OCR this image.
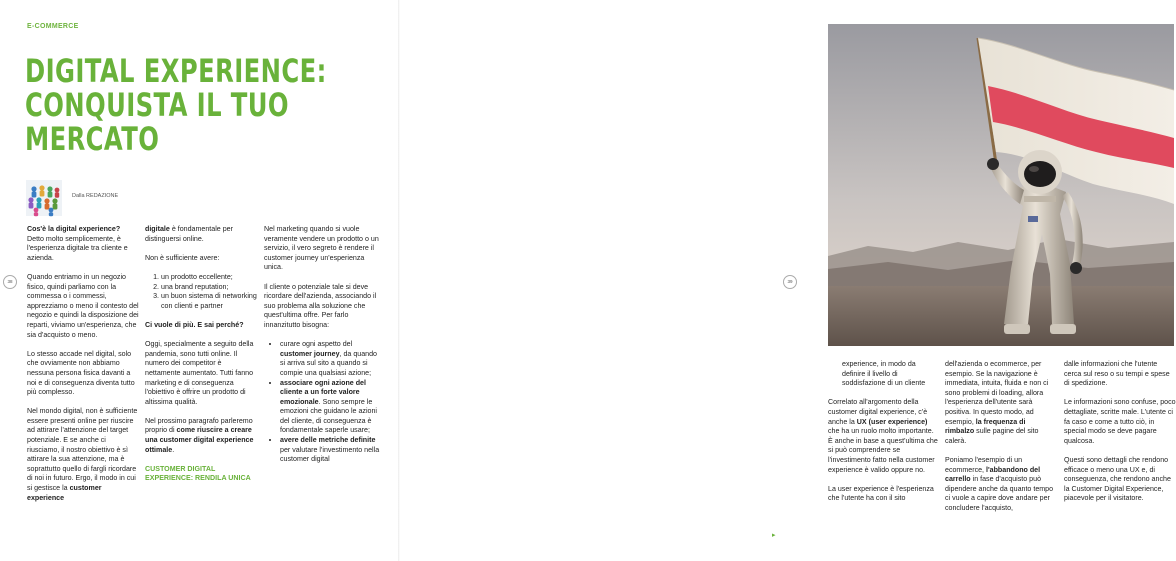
E-COMMERCE
DIGITAL EXPERIENCE:
CONQUISTA IL TUO
MERCATO
Dalla REDAZIONE

Cos'è la digital experience? Detto molto semplicemente, è l'esperienza digitale tra cliente e azienda.

Quando entriamo in un negozio fisico, quindi parliamo con la commessa o i commessi, apprezziamo o meno il contesto del negozio e quindi la disposizione dei reparti, viviamo un'esperienza, che sia d'acquisto o meno.

Lo stesso accade nel digital, solo che ovviamente non abbiamo nessuna persona fisica davanti a noi e di conseguenza diventa tutto più complesso.

Nel mondo digital, non è sufficiente essere presenti online per riuscire ad attirare l'attenzione del target potenziale. E se anche ci riusciamo, il nostro obiettivo è sì attirare la sua attenzione, ma è soprattutto quello di fargli ricordare di noi in futuro. Ergo, il modo in cui si gestisce la customer experience

digitale è fondamentale per distinguersi online.

Non è sufficiente avere:

1. un prodotto eccellente;
2. una brand reputation;
3. un buon sistema di networking con clienti e partner

Ci vuole di più. E sai perché?

Oggi, specialmente a seguito della pandemia, sono tutti online. Il numero dei competitor è nettamente aumentato. Tutti fanno marketing e di conseguenza l'obiettivo è offrire un prodotto di altissima qualità.

Nel prossimo paragrafo parleremo proprio di come riuscire a creare una customer digital experience ottimale.

CUSTOMER DIGITAL EXPERIENCE: RENDILA UNICA

Nel marketing quando si vuole veramente vendere un prodotto o un servizio, il vero segreto è rendere il customer journey un'esperienza unica.

Il cliente o potenziale tale si deve ricordare dell'azienda, associando il suo problema alla soluzione che quest'ultima offre. Per farlo innanzitutto bisogna:

• curare ogni aspetto del customer journey, da quando si arriva sul sito a quando si compie una qualsiasi azione;
• associare ogni azione del cliente a un forte valore emozionale. Sono sempre le emozioni che guidano le azioni del cliente, di conseguenza è fondamentale saperle usare;
• avere delle metriche definite per valutare l'investimento nella customer digital
38

experience, in modo da definire il livello di soddisfazione di un cliente

Correlato all'argomento della customer digital experience, c'è anche la UX (user experience) che ha un ruolo molto importante. È anche in base a quest'ultima che si può comprendere se l'investimento fatto nella customer experience è valido oppure no.

La user experience è l'esperienza che l'utente ha con il sito

dell'azienda o ecommerce, per esempio. Se la navigazione è immediata, intuita, fluida e non ci sono problemi di loading, allora l'esperienza dell'utente sarà positiva. In questo modo, ad esempio, la frequenza di rimbalzo sulle pagine del sito calerà.

Poniamo l'esempio di un ecommerce, l'abbandono del carrello in fase d'acquisto può dipendere anche da quanto tempo ci vuole a capire dove andare per concludere l'acquisto,

dalle informazioni che l'utente cerca sul reso o su tempi e spese di spedizione.

Le informazioni sono confuse, poco dettagliate, scritte male. L'utente ci fa caso e come a tutto ciò, in special modo se deve pagare qualcosa.

Questi sono dettagli che rendono efficace o meno una UX e, di conseguenza, che rendono anche la Customer Digital Experience, piacevole per il visitatore.

39
▸
